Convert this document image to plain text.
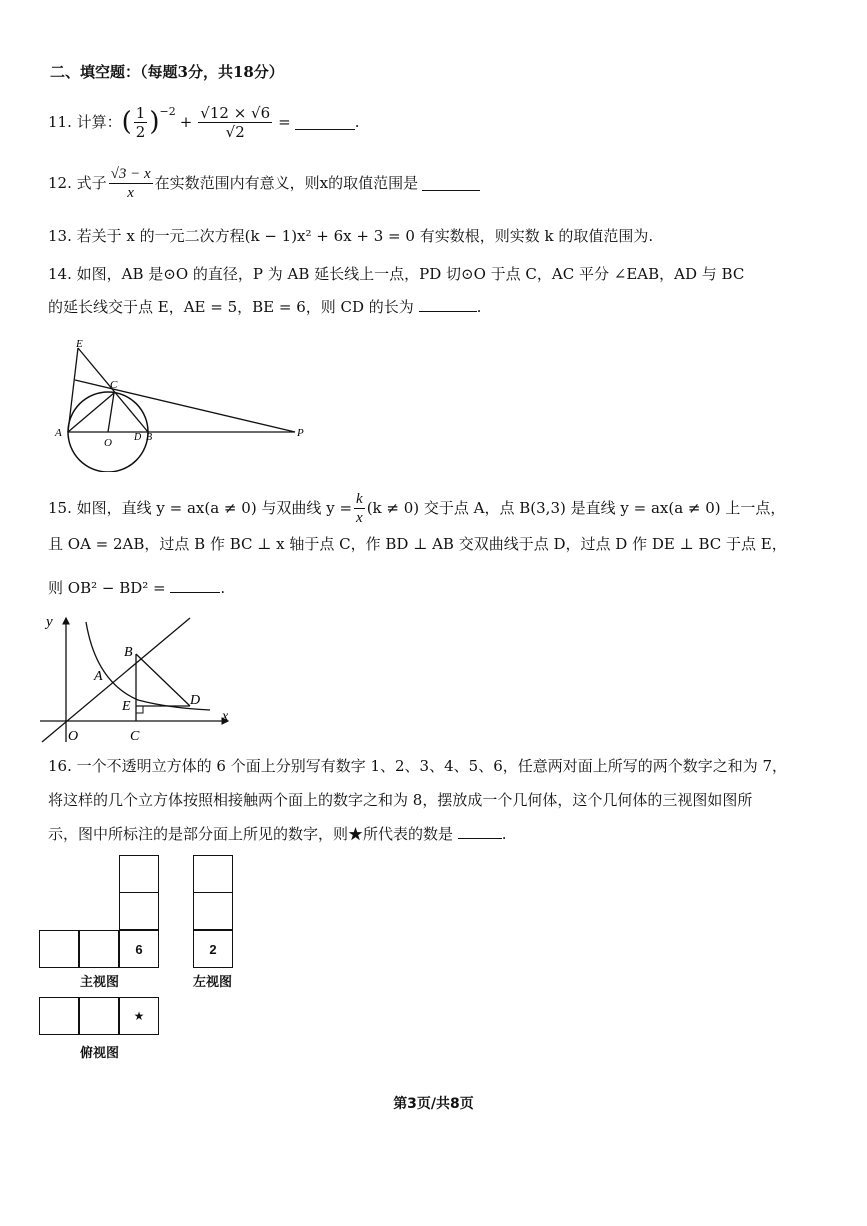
二、填空题：（每题3分，共18分）
11. 计算： ( $\frac{1}{2} )^{-2}$
+ $\frac{√12 \times √6}{√2}$ =	.
12. 式子 $\frac{√3 - x}{x}$ 在实数范围内有意义，则x的取值范围是
13. 若关于 x 的一元二次方程(k − 1)x² + 6x + 3 = 0 有实数根，则实数 k 的取值范围为.
14. 如图，AB 是⊙O 的直径，P 为 AB 延长线上一点，PD 切⊙O 于点 C，AC 平分 ∠EAB，AD 与 BC
的延长线交于点 E，AE = 5，BE = 6，则 CD 的长为	.
E
C
A
O D B	P
15. 如图，直线 y = ax(a ≠ 0) 与双曲线 $y = \frac{k}{x} (k \ne 0)$ 交于点 A，点 B(3,3) 是直线 y = ax(a ≠ 0) 上一点，
且 OA = 2AB，过点 B 作 BC ⊥ x 轴于点 C，作 BD ⊥ AB 交双曲线于点 D，过点 D 作 DE ⊥ BC 于点 E，
则 OB² − BD² =	.
y
x
O
A
B
C
D
E
16. 一个不透明立方体的 6 个面上分别写有数字 1、2、3、4、5、6，任意两对面上所写的两个数字之和为 7，
将这样的几个立方体按照相接触两个面上的数字之和为 8，摆放成一个几何体，这个几何体的三视图如图所
示，图中所标注的是部分面上所见的数字，则★所代表的数是	.
6
主视图
2
左视图
★
俯视图
第3页/共8页
